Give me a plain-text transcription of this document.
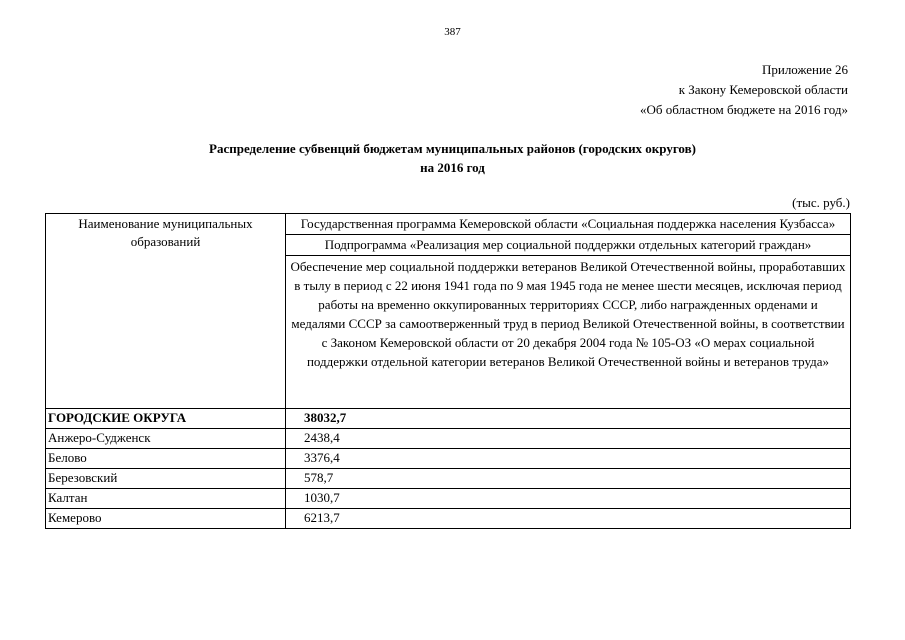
387
Приложение 26
к Закону Кемеровской области
«Об областном бюджете на 2016 год»
Распределение субвенций бюджетам муниципальных районов (городских округов)
на 2016 год
(тыс. руб.)
Наименование муниципальных образований	Государственная программа Кемеровской области «Социальная поддержка населения Кузбасса»
	Подпрограмма «Реализация мер социальной поддержки отдельных категорий граждан»
	Обеспечение мер социальной поддержки ветеранов Великой Отечественной войны, проработавших в тылу в период с 22 июня 1941 года по 9 мая 1945 года не менее шести месяцев, исключая период работы на временно оккупированных территориях СССР, либо награжденных орденами и медалями СССР за самоотверженный труд в период Великой Отечественной войны, в соответствии с Законом Кемеровской области от 20 декабря 2004 года № 105-ОЗ «О мерах социальной поддержки отдельной категории ветеранов Великой Отечественной войны и ветеранов труда»
ГОРОДСКИЕ ОКРУГА	38032,7
Анжеро-Судженск	2438,4
Белово	3376,4
Березовский	578,7
Калтан	1030,7
Кемерово	6213,7
